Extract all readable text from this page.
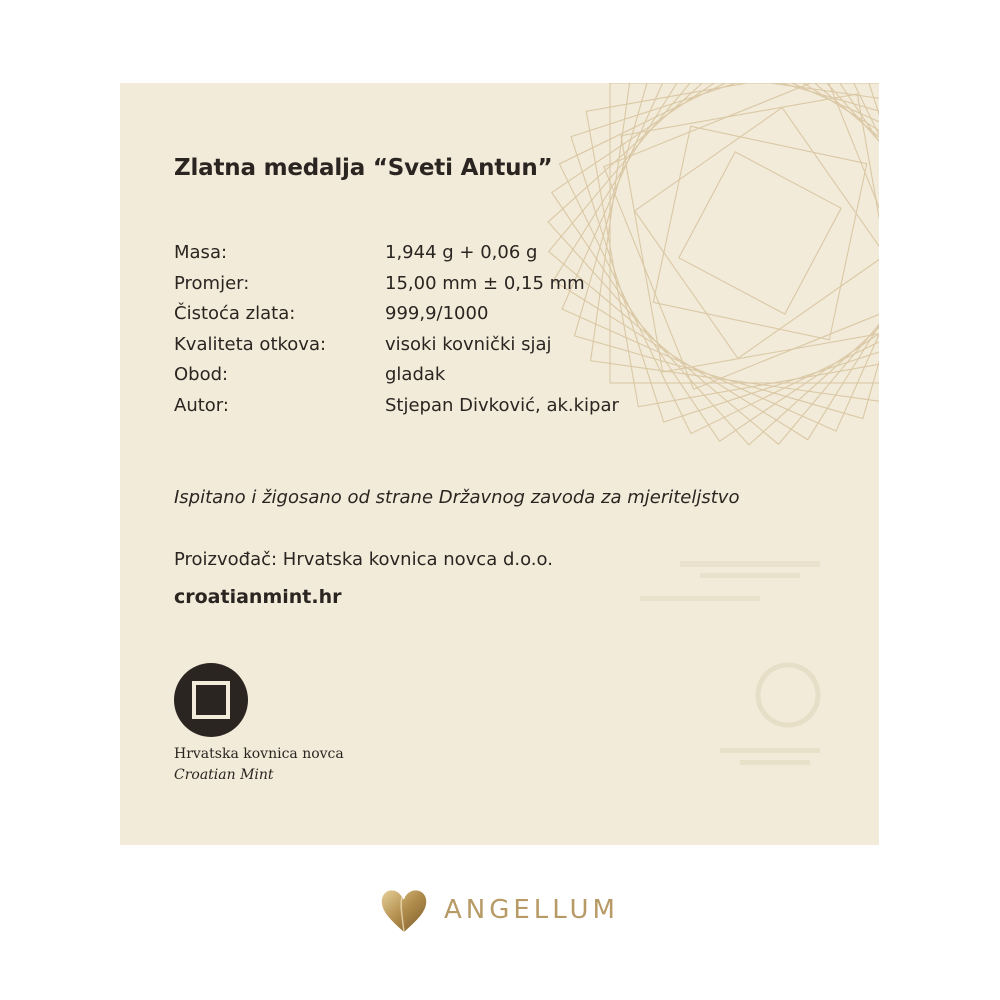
Zlatna medalja “Sveti Antun”
Masa:	1,944 g + 0,06 g
Promjer:	15,00 mm ± 0,15 mm
Čistoća zlata:	999,9/1000
Kvaliteta otkova:	visoki kovnički sjaj
Obod:	gladak
Autor:	Stjepan Divković, ak.kipar
Ispitano i žigosano od strane Državnog zavoda za mjeriteljstvo
Proizvođač: Hrvatska kovnica novca d.o.o.
croatianmint.hr
Hrvatska kovnica novca
Croatian Mint
ANGELLUM
